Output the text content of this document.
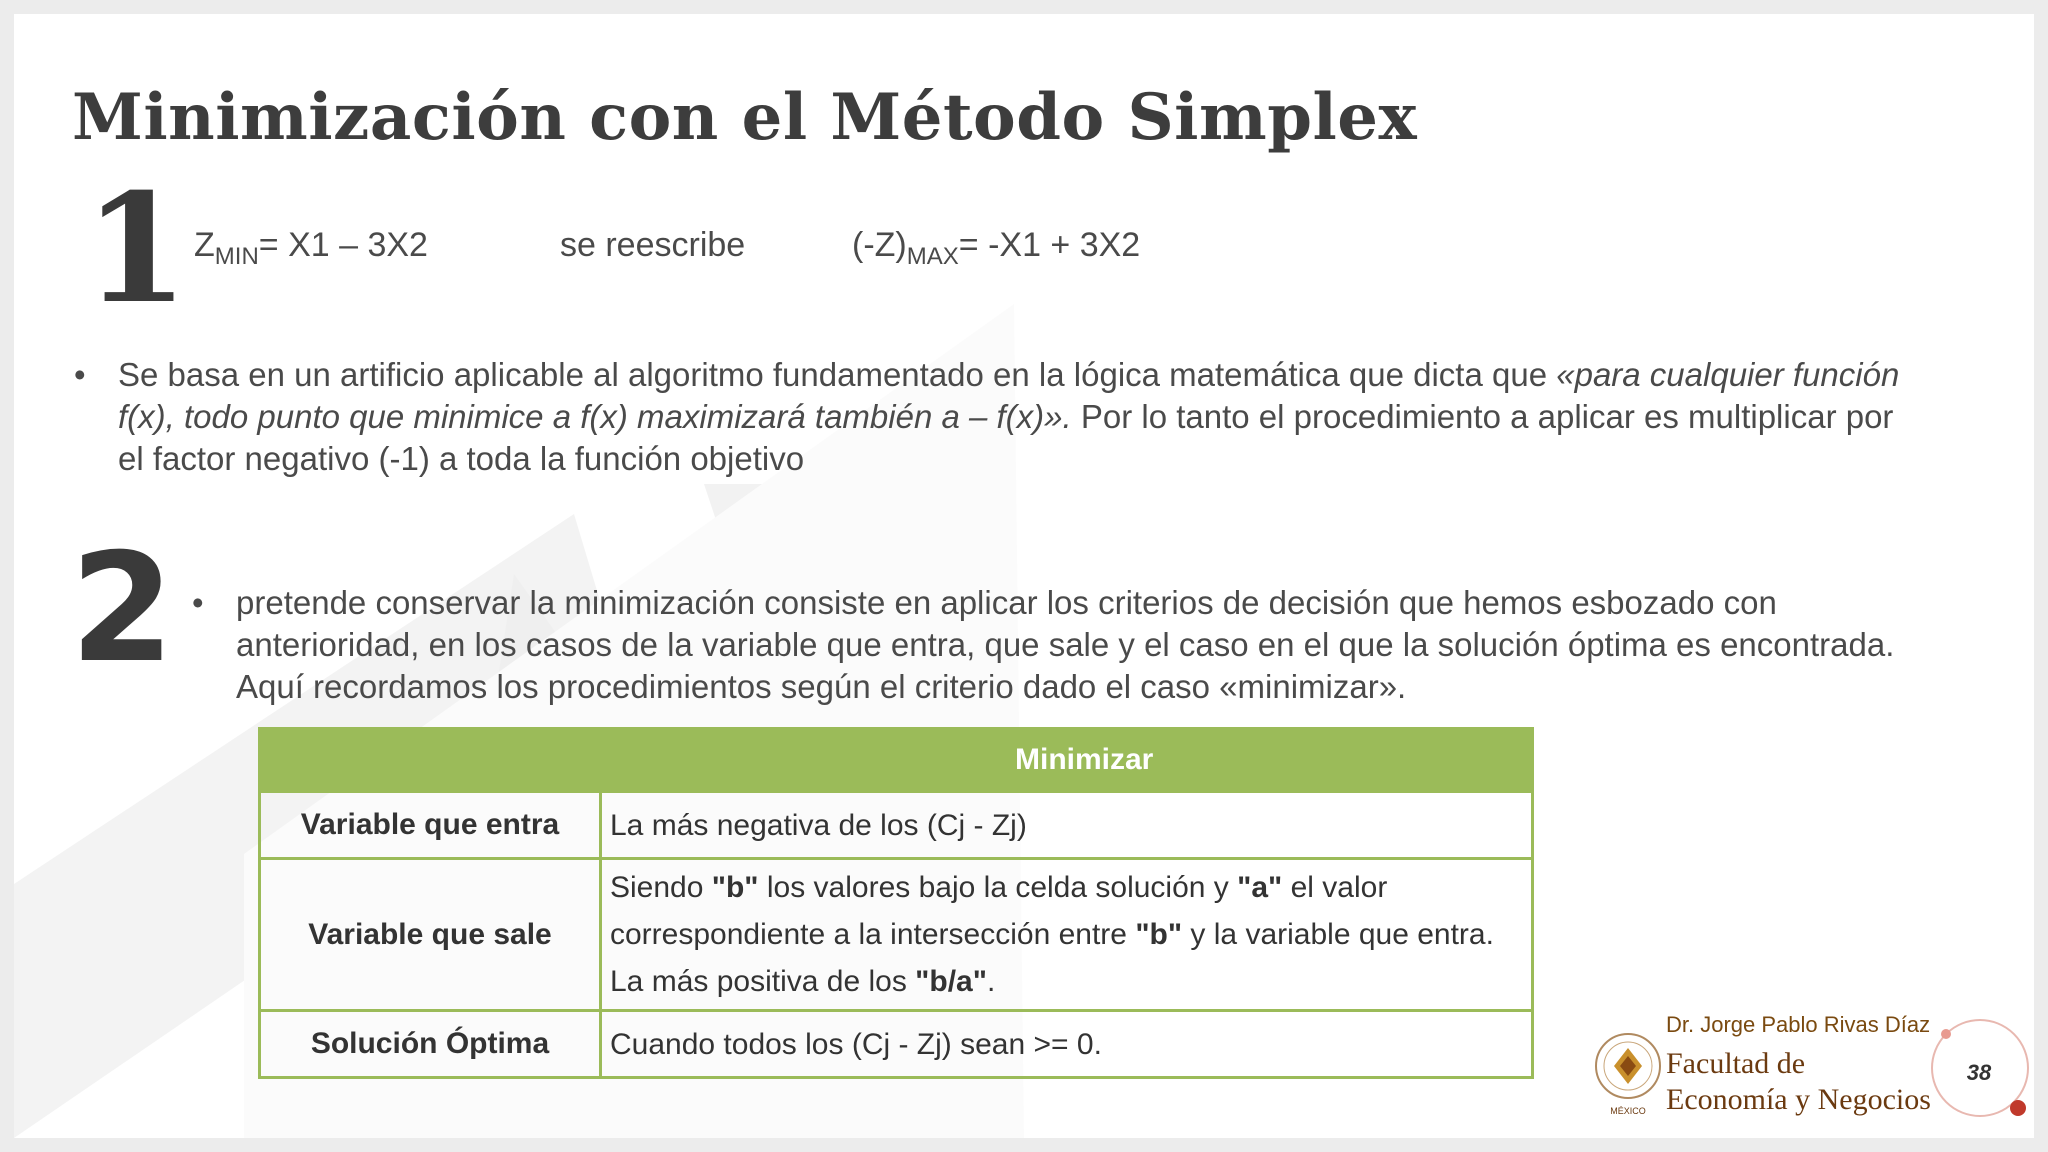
Minimización con el Método Simplex
1 $Z_{MIN}= X1 - 3X2$	se reescribe	$(-Z)_{MAX}= -X1 + 3X2$
• Se basa en un artificio aplicable al algoritmo fundamentado en la lógica matemática que dicta que «para cualquier función f(x), todo punto que minimice a f(x) maximizará también a – f(x)». Por lo tanto el procedimiento a aplicar es multiplicar por el factor negativo (-1) a toda la función objetivo
2 • pretende conservar la minimización consiste en aplicar los criterios de decisión que hemos esbozado con anterioridad, en los casos de la variable que entra, que sale y el caso en el que la solución óptima es encontrada. Aquí recordamos los procedimientos según el criterio dado el caso «minimizar».
Minimizar	
Variable que entra	La más negativa de los (Cj - Zj)
Variable que sale	Siendo "b" los valores bajo la celda solución y "a" el valor correspondiente a la intersección entre "b" y la variable que entra. La más positiva de los "b/a".
Solución Óptima	Cuando todos los (Cj - Zj) sean >= 0.
MÉXICO
Dr. Jorge Pablo Rivas Díaz
Facultad de
Economía y Negocios
38
